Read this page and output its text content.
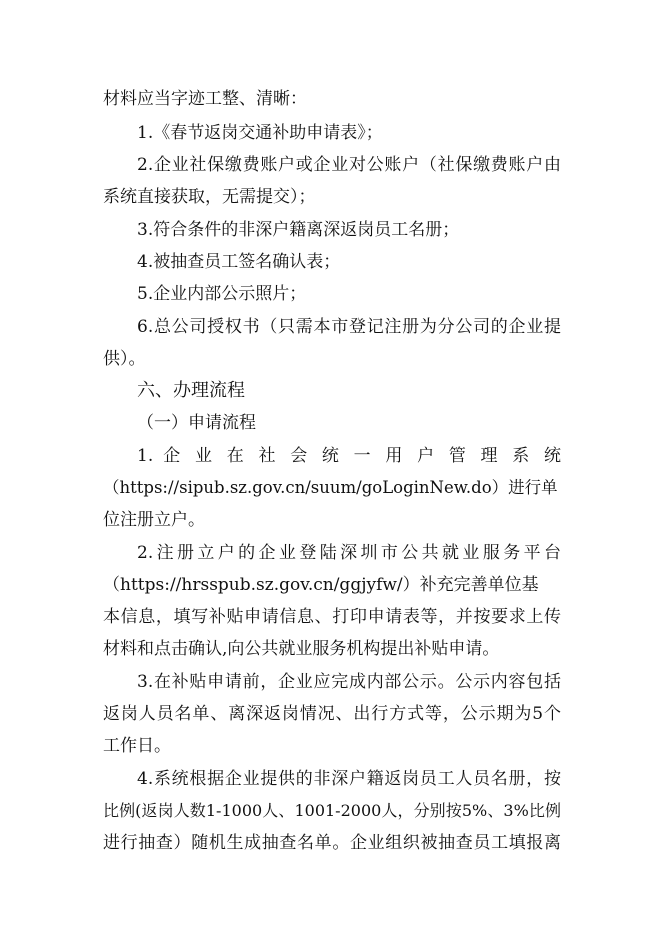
材料应当字迹工整、清晰：
1.《春节返岗交通补助申请表》；
2.企业社保缴费账户或企业对公账户（社保缴费账户由
系统直接获取，无需提交）；
3.符合条件的非深户籍离深返岗员工名册；
4.被抽查员工签名确认表；
5.企业内部公示照片；
6.总公司授权书（只需本市登记注册为分公司的企业提
供）。
六、办理流程
（一）申请流程
1. 企 业 在 社 会 统 一 用 户 管 理 系 统
（https://sipub.sz.gov.cn/suum/goLoginNew.do）进行单
位注册立户。
2.注册立户的企业登陆深圳市公共就业服务平台
（https://hrsspub.sz.gov.cn/ggjyfw/）补充完善单位基
本信息，填写补贴申请信息、打印申请表等，并按要求上传
材料和点击确认,向公共就业服务机构提出补贴申请。
3.在补贴申请前，企业应完成内部公示。公示内容包括
返岗人员名单、离深返岗情况、出行方式等，公示期为5个
工作日。
4.系统根据企业提供的非深户籍返岗员工人员名册，按
比例(返岗人数1-1000人、1001-2000人，分别按5%、3%比例
进行抽查）随机生成抽查名单。企业组织被抽查员工填报离
